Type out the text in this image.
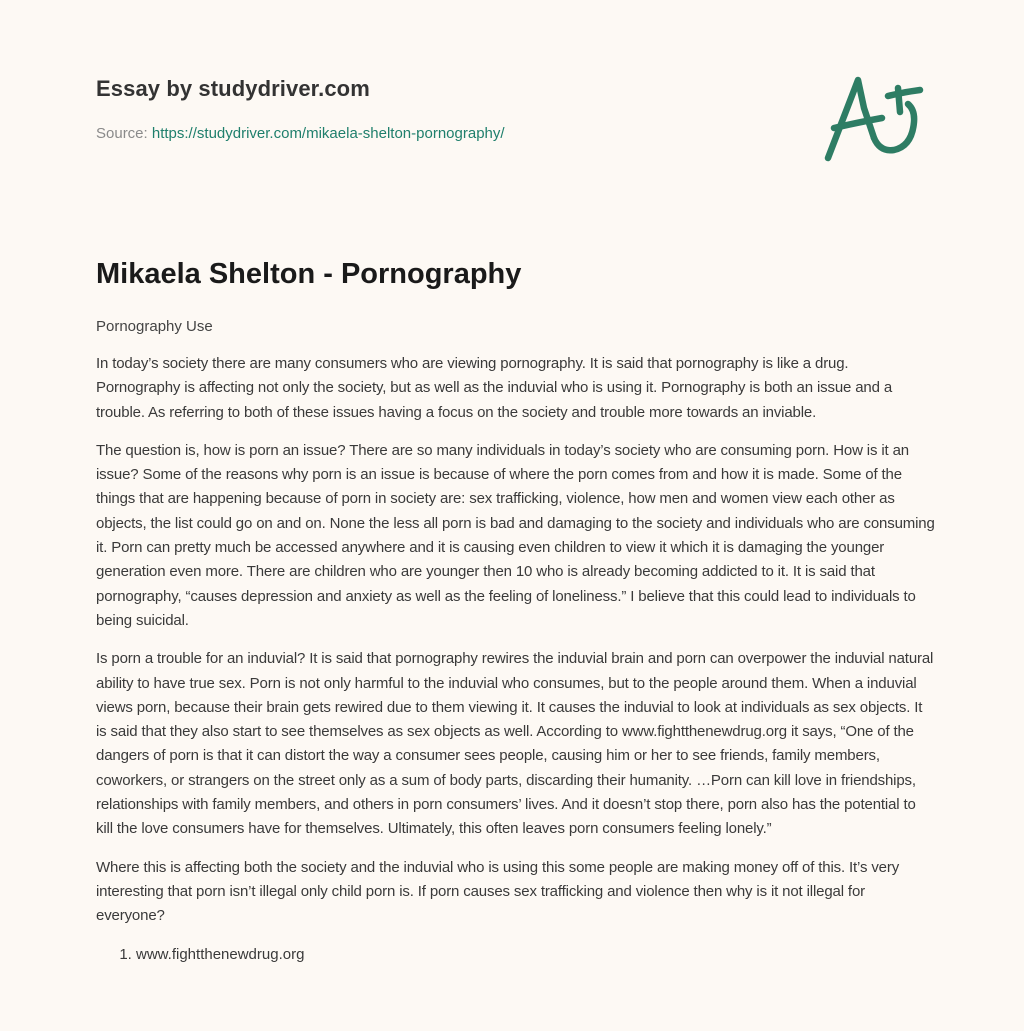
Essay by studydriver.com
Source: https://studydriver.com/mikaela-shelton-pornography/
Mikaela Shelton - Pornography
Pornography Use

In today’s society there are many consumers who are viewing pornography. It is said that pornography is like a drug. Pornography is affecting not only the society, but as well as the induvial who is using it. Pornography is both an issue and a trouble. As referring to both of these issues having a focus on the society and trouble more towards an inviable.

The question is, how is porn an issue? There are so many individuals in today’s society who are consuming porn. How is it an issue? Some of the reasons why porn is an issue is because of where the porn comes from and how it is made. Some of the things that are happening because of porn in society are: sex trafficking, violence, how men and women view each other as objects, the list could go on and on. None the less all porn is bad and damaging to the society and individuals who are consuming it. Porn can pretty much be accessed anywhere and it is causing even children to view it which it is damaging the younger generation even more. There are children who are younger then 10 who is already becoming addicted to it. It is said that pornography, “causes depression and anxiety as well as the feeling of loneliness.” I believe that this could lead to individuals to being suicidal.

Is porn a trouble for an induvial? It is said that pornography rewires the induvial brain and porn can overpower the induvial natural ability to have true sex. Porn is not only harmful to the induvial who consumes, but to the people around them. When a induvial views porn, because their brain gets rewired due to them viewing it. It causes the induvial to look at individuals as sex objects. It is said that they also start to see themselves as sex objects as well. According to www.fightthenewdrug.org it says, “One of the dangers of porn is that it can distort the way a consumer sees people, causing him or her to see friends, family members, coworkers, or strangers on the street only as a sum of body parts, discarding their humanity. …Porn can kill love in friendships, relationships with family members, and others in porn consumers’ lives. And it doesn’t stop there, porn also has the potential to kill the love consumers have for themselves. Ultimately, this often leaves porn consumers feeling lonely.”

Where this is affecting both the society and the induvial who is using this some people are making money off of this. It’s very interesting that porn isn’t illegal only child porn is. If porn causes sex trafficking and violence then why is it not illegal for everyone?

1. www.fightthenewdrug.org
